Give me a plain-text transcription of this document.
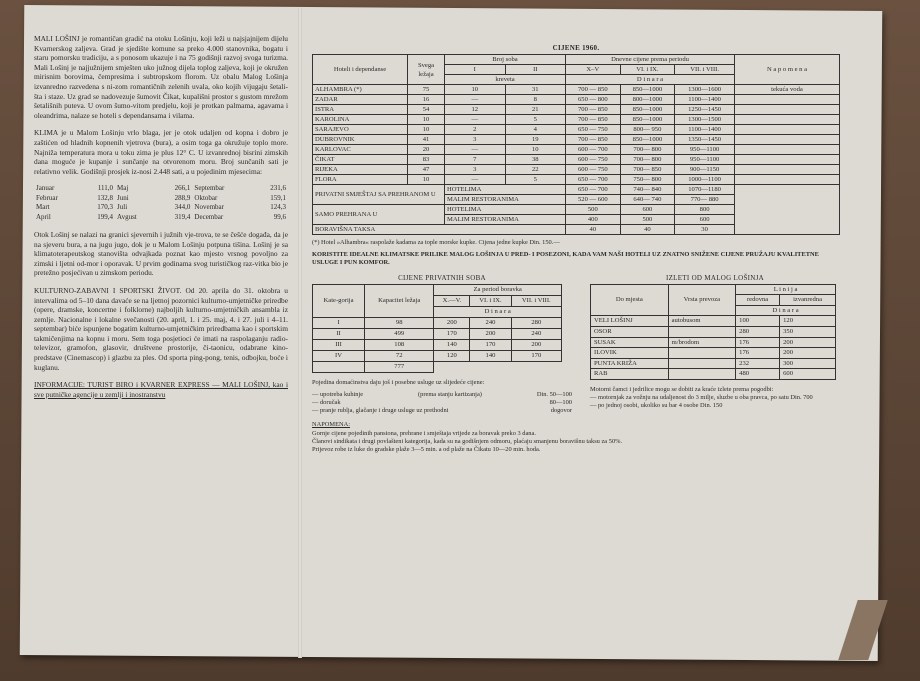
MALI LOŠINJ je romantičan gradić na otoku Lošinju, koji leži u najsjajnijem dijelu Kvarnerskog zaljeva. Grad je sjedište komune sa preko 4.000 stanovnika, bogatu i staru pomorsku tradiciju, a s ponosom ukazuje i na 75 godišnji razvoj svoga turizma. Mali Lošinj je najjužnijem smješten uko južnog dijela toplog zaljeva, koji je okružen mirisnim borovima, čempresima i subtropskom florom. Uz obalu Malog Lošinja izvanredno razvedena s ni-zom romantičnih zelenih uvala, oko kojih vijugaju šetali-šta i staze. Uz grad se nadovezuje šumovit Čikat, kupališni prostor s gustom mrežom šetališnih puteva. U ovom šumo-vitom predjelu, koji je protkan palmama, agavama i oleandrima, nalaze se hoteli s dependansama i vilama.

KLIMA je u Malom Lošinju vrlo blaga, jer je otok udaljen od kopna i dobro je zaštićen od hladnih kopnenih vjetrova (bura), a osim toga ga okružuje toplo more. Najniža temperatura mora u toku zima je plus 12° C. U izvanrednoj bisrini zimskih dana moguće je kupanje i sunčanje na otvorenom moru. Broj sunčanih sati je relativno velik. Godišnji prosjek iz-nosi 2.448 sati, a u pojedinim mjesecima:

Januar	111,0	Maj	266,1	Septembar	231,6
Februar	132,8	Juni	288,9	Oktobar	159,1
Mart	170,3	Juli	344,0	Novembar	124,3
April	199,4	Avgust	319,4	Decembar	99,6

Otok Lošinj se nalazi na granici sjevernih i južnih vje-trova, te se češće događa, da je na sjeveru bura, a na jugu jugo, dok je u Malom Lošinju potpuna tišina. Lošinj je sa klimatoterapeutskog stanovišta odvajkada poznat kao mjesto vrsnog povoljno za zimski i ljetni od-mor i oporavak. U prvim godinama svog turističkog raz-vitka bio je pretežno posjećivan u zimskom periodu.

KULTURNO-ZABAVNI I SPORTSKI ŽIVOT. Od 20. aprila do 31. oktobra u intervalima od 5–10 dana davaće se na ljetnoj pozornici kulturno-umjetničke priredbe (opere, dramske, koncertne i folklorne) najboljih kulturno-umjetničkih ansambla iz zemlje. Nacionalne i lokalne svečanosti (20. april, 1. i 25. maj, 4. i 27. juli i 4–11. septembar) biće ispunjene bogatim kulturno-umjetničkim priredbama kao i sportskim takmičenjima na kopnu i moru. Sem toga posjetioci će imati na raspolaganju radio-televizor, gramofon, glasovir, društvene prostorije, či-taonicu, odabrane kino-predstave (Cinemascop) i glazbu za ples. Od sporta ping-pong, tenis, odbojku, boće i kuglanu.

INFORMACIJE: TURIST BIRO i KVARNER EXPRESS — MALI LOŠINJ, kao i sve putničke agencije u zemlji i inostranstvu

CIJENE 1960.
Hoteli i dependanse	Svega ležaja	Broj soba		Dnevne cijene prema periodu			N a p o m e n a
		I	II	X–V	VI. i IX.	VII. i VIII.	
		kreveta		D i n a r a			
ALHAMBRA (*)	75	10	31	700 — 850	850—1000	1300—1600	tekuća voda
ZADAR	16	—	8	650 — 800	800—1000	1100—1400	
ISTRA	54	12	21	700 — 850	850—1000	1250—1450	
KAROLINA	10	—	5	700 — 850	850—1000	1300—1500	
SARAJEVO	10	2	4	650 — 750	800— 950	1100—1400	
DUBROVNIK	41	3	19	700 — 850	850—1000	1350—1450	
KARLOVAC	20	—	10	600 — 700	700— 800	950—1100	
ČIKAT	83	7	38	600 — 750	700— 800	950—1100	
RIJEKA	47	3	22	600 — 750	700— 850	900—1150	
FLORA	10	—	5	650 — 700	750— 800	1000—1100	
PRIVATNI SMJEŠTAJ SA PREHRANOM U		HOTELIMA		650 — 700	740— 840	1070—1180	
		MALIM RESTORANIMA		520 — 600	640— 740	770— 880	
SAMO PREHRANA U		HOTELIMA		500	600	800	
		MALIM RESTORANIMA		400	500	600	
BORAVIŠNA TAKSA				40	40	30	
(*) Hotel »Alhambra« raspolaže kadama za tople morske kupke. Cijena jedne kupke Din. 150.—
KORISTITE IDEALNE KLIMATSKE PRILIKE MALOG LOŠINJA U PRED- I POSEZONI, KADA VAM NAŠI HOTELI UZ ZNATNO SNIŽENE CIJENE PRUŽAJU KVALITETNE USLUGE I PUN KOMFOR.
CIJENE PRIVATNIH SOBA
Kate-gorija	Kapacitet ležaja	Za period boravka		
		X.—V.	VI. i IX.	VII. i VIII.
		D i n a r a		
I	98	200	240	280
II	499	170	200	240
III	108	140	170	200
IV	72	120	140	170
	777			
Pojedina domaćinstva daju još i posebne usluge uz slijedeće cijene:
— upotreba kuhinje	(prema stanju kartizanja)	Din. 50—100
— doručak	80—100
— pranje rublja, glačanje i druge usluge uz prethodni	dogovor
IZLETI OD MALOG LOŠINJA
Do mjesta	Vrsta prevoza	L i n i j a	
		redovna	izvanredna
		D i n a r a	
VELI LOŠINJ	autobusom	100	120
OSOR		280	350
SUSAK	m/brodom	176	200
ILOVIK		176	200
PUNTA KRIŽA		232	300
RAB		480	600
Motorni čamci i jedrilice mogu se dobiti za kraće izlete prema pogodbi:
— motornjak za vožnju na udaljenost do 3 milje, sluzbe u oba pravca, po satu Din. 700
— po jednoj osobi, ukoliko su bar 4 osobe Din. 150
NAPOMENA:
Gornje cijene pojedinih pansiona, prehrane i smještaja vrijede za boravak preko 3 dana.
Članovi sindikata i drugi povlašteni kategorija, kada su na godišnjem odmoru, plaćaju smanjenu boravišnu taksu za 50%.
Prijevoz robe iz luke do gradske plaže 3—5 min. a od plaže na Čikatu 10—20 min. hoda.
